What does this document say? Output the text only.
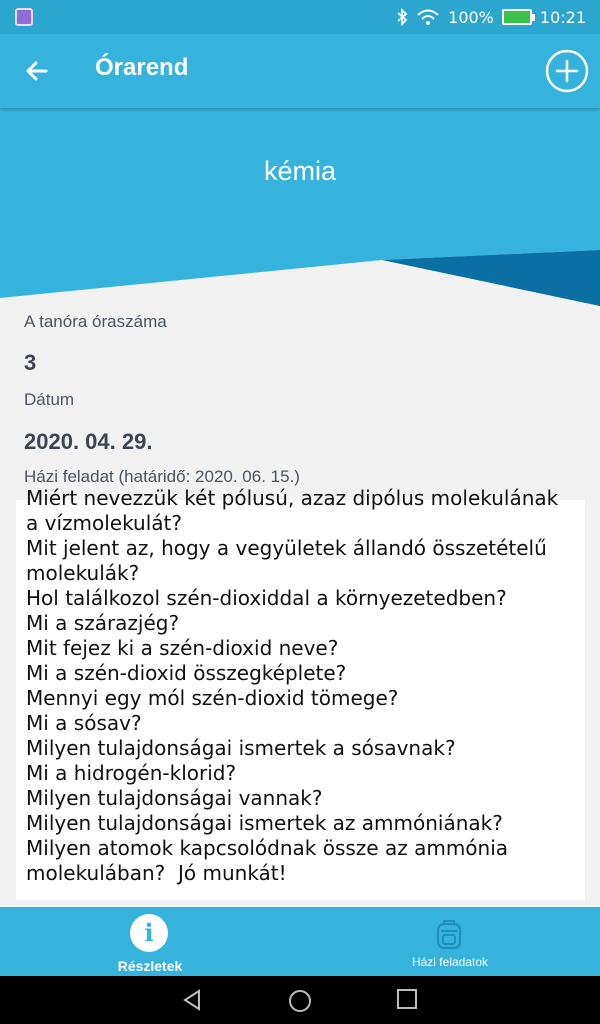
100%	10:21
Órarend
kémia
A tanóra óraszáma
3
Dátum
2020. 04. 29.
Házi feladat (határidő: 2020. 06. 15.)
Miért nevezzük két pólusú, azaz dipólus molekulának a vízmolekulát?
Mit jelent az, hogy a vegyületek állandó összetételű molekulák?
Hol találkozol szén-dioxiddal a környezetedben?
Mi a szárazjég?
Mit fejez ki a szén-dioxid neve?
Mi a szén-dioxid összegképlete?
Mennyi egy mól szén-dioxid tömege?
Mi a sósav?
Milyen tulajdonságai ismertek a sósavnak?
Mi a hidrogén-klorid?
Milyen tulajdonságai vannak?
Milyen tulajdonságai ismertek az ammóniának?
Milyen atomok kapcsolódnak össze az ammónia molekulában?  Jó munkát!
i
Részletek	Házi feladatok
